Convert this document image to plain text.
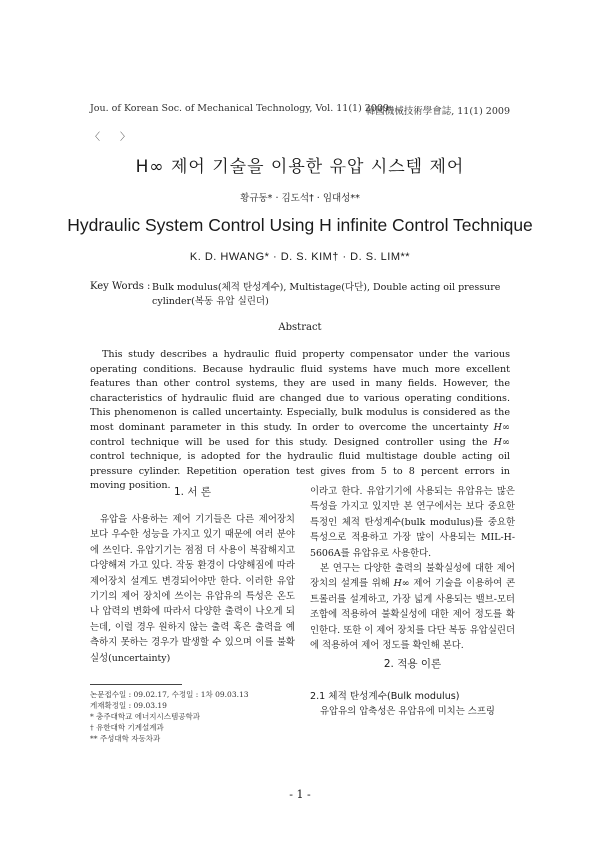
Jou. of Korean Soc. of Mechanical Technology, Vol. 11(1) 2009
韓國機械技術學會誌, 11(1) 2009
〈 〉
H∞ 제어 기술을 이용한 유압 시스템 제어
황규동* · 김도석† · 임대성**
Hydraulic System Control Using H infinite Control Technique
K. D. HWANG* · D. S. KIM† · D. S. LIM**
Key Words : Bulk modulus(체적 탄성계수), Multistage(다단), Double acting oil pressure cylinder(복동 유압 실린더)
Abstract
This study describes a hydraulic fluid property compensator under the various operating conditions. Because hydraulic fluid systems have much more excellent features than other control systems, they are used in many fields. However, the characteristics of hydraulic fluid are changed due to various operating conditions. This phenomenon is called uncertainty. Especially, bulk modulus is considered as the most dominant parameter in this study. In order to overcome the uncertainty H∞ control technique will be used for this study. Designed controller using the H∞ control technique, is adopted for the hydraulic fluid multistage double acting oil pressure cylinder. Repetition operation test gives from 5 to 8 percent errors in moving position.
1. 서 론

유압을 사용하는 제어 기기들은 다른 제어장치보다 우수한 성능을 가지고 있기 때문에 여러 분야에 쓰인다. 유압기기는 점점 더 사용이 복잡해지고 다양해져 가고 있다. 작동 환경이 다양해짐에 따라 제어장치 설계도 변경되어야만 한다. 이러한 유압기기의 제어 장치에 쓰이는 유압유의 특성은 온도나 압력의 변화에 따라서 다양한 출력이 나오게 되는데, 이럴 경우 원하지 않는 출력 혹은 출력을 예측하지 못하는 경우가 발생할 수 있으며 이를 불확실성(uncertainty)

이라고 한다. 유압기기에 사용되는 유압유는 많은 특성을 가지고 있지만 본 연구에서는 보다 중요한 특정인 체적 탄성계수(bulk modulus)를 중요한 특성으로 적용하고 가장 많이 사용되는 MIL-H- 5606A를 유압유로 사용한다.

본 연구는 다양한 출력의 불확실성에 대한 제어장치의 설계를 위해 H∞ 제어 기술을 이용하여 콘트롤러를 설계하고, 가장 넓게 사용되는 밸브-모터 조합에 적용하여 불확실성에 대한 제어 정도를 확인한다. 또한 이 제어 장치를 다단 복동 유압실린더에 적용하여 제어 정도를 확인해 본다.

논문접수일 : 09.02.17, 수정일 : 1차 09.03.13
게재확정일 : 09.03.19
* 충주대학교 에너지시스템공학과
† 유한대학 기계설계과
** 주성대학 자동차과
2. 적용 이론
2.1 체적 탄성계수(Bulk modulus)
유압유의 압축성은 유압유에 미치는 스프링
- 1 -
